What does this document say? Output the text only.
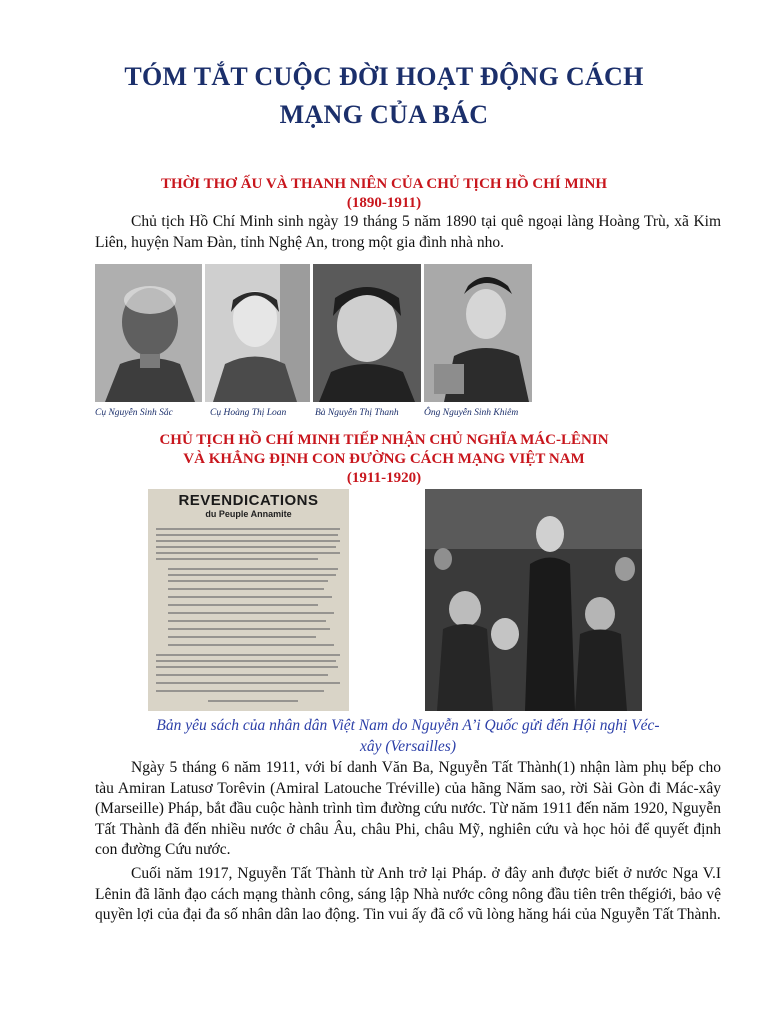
TÓM TẮT CUỘC ĐỜI HOẠT ĐỘNG CÁCH
MẠNG CỦA BÁC
THỜI THƠ ẤU VÀ THANH NIÊN CỦA CHỦ TỊCH HỒ CHÍ MINH
(1890-1911)
Chủ tịch Hồ Chí Minh sinh ngày 19 tháng 5 năm 1890 tại quê ngoại làng Hoàng Trù, xã Kim Liên, huyện Nam Đàn, tỉnh Nghệ An, trong một gia đình nhà nho.
Cụ Nguyễn Sinh Sắc	Cụ Hoàng Thị Loan	Bà Nguyễn Thị Thanh	Ông Nguyễn Sinh Khiêm
CHỦ TỊCH HỒ CHÍ MINH TIẾP NHẬN CHỦ NGHĨA MÁC-LÊNIN
VÀ KHẲNG ĐỊNH CON ĐƯỜNG CÁCH MẠNG VIỆT NAM
(1911-1920)
REVENDICATIONS
du Peuple Annamite
Bản yêu sách của nhân dân Việt Nam do Nguyễn A’i Quốc gửi đến Hội nghị Véc-
xây (Versailles)
Ngày 5 tháng 6 năm 1911, với bí danh Văn Ba, Nguyễn Tất Thành(1) nhận làm phụ bếp cho tàu Amiran Latusơ Torêvin (Amiral Latouche Tréville) của hãng Năm sao, rời Sài Gòn đi Mác-xây (Marseille) Pháp, bắt đầu cuộc hành trình tìm đường cứu nước. Từ năm 1911 đến năm 1920, Nguyễn Tất Thành đã đến nhiều nước ở châu Âu, châu Phi, châu Mỹ, nghiên cứu và học hỏi để quyết định con đường Cứu nước.
Cuối năm 1917, Nguyễn Tất Thành từ Anh trở lại Pháp. ở đây anh được biết ở nước Nga V.I Lênin đã lãnh đạo cách mạng thành công, sáng lập Nhà nước công nông đầu tiên trên thếgiới, bảo vệ quyền lợi của đại đa số nhân dân lao động. Tin vui ấy đã cổ vũ lòng hăng hái của Nguyễn Tất Thành.
